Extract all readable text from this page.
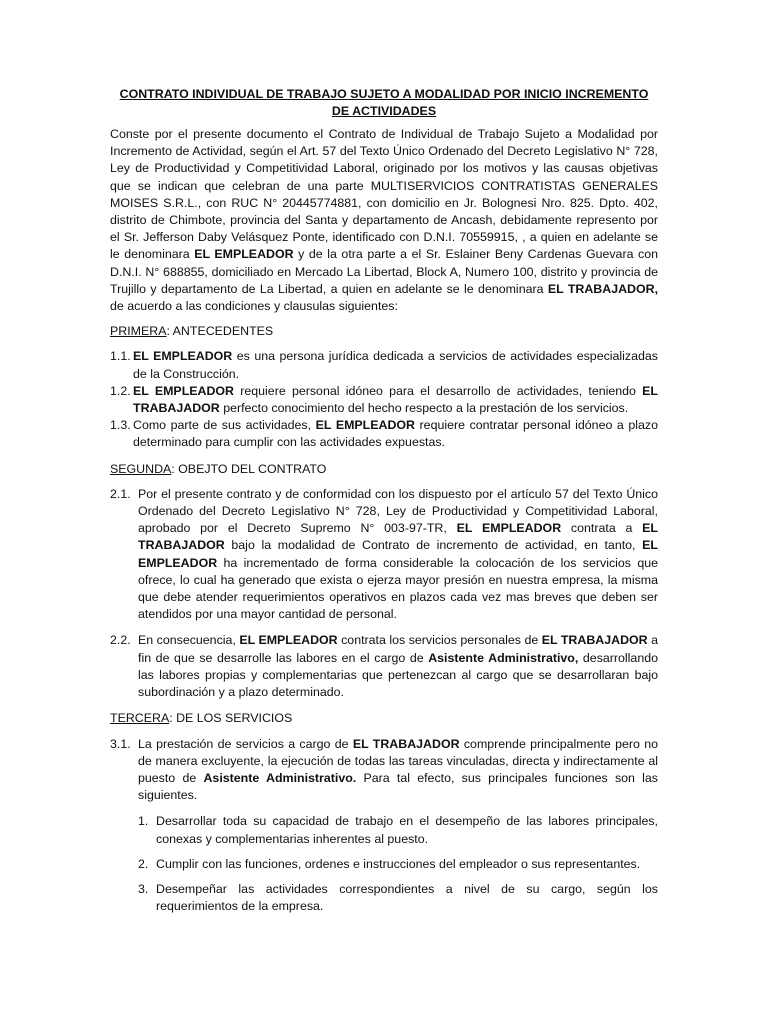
CONTRATO INDIVIDUAL DE TRABAJO SUJETO A MODALIDAD POR INICIO INCREMENTO DE ACTIVIDADES

Conste por el presente documento el Contrato de Individual de Trabajo Sujeto a Modalidad por Incremento de Actividad, según el Art. 57 del Texto Único Ordenado del Decreto Legislativo N° 728, Ley de Productividad y Competitividad Laboral, originado por los motivos y las causas objetivas que se indican que celebran de una parte MULTISERVICIOS CONTRATISTAS GENERALES MOISES S.R.L., con RUC N° 20445774881, con domicilio en Jr. Bolognesi Nro. 825. Dpto. 402, distrito de Chimbote, provincia del Santa y departamento de Ancash, debidamente represento por el Sr. Jefferson Daby Velásquez Ponte, identificado con D.N.I. 70559915, , a quien en adelante se le denominara EL EMPLEADOR y de la otra parte a el Sr. Eslainer Beny Cardenas Guevara con D.N.I. N° 688855, domiciliado en Mercado La Libertad, Block A, Numero 100, distrito y provincia de Trujillo y departamento de La Libertad, a quien en adelante se le denominara EL TRABAJADOR, de acuerdo a las condiciones y clausulas siguientes:

PRIMERA: ANTECEDENTES

1.1. EL EMPLEADOR es una persona jurídica dedicada a servicios de actividades especializadas de la Construcción.
1.2. EL EMPLEADOR requiere personal idóneo para el desarrollo de actividades, teniendo EL TRABAJADOR perfecto conocimiento del hecho respecto a la prestación de los servicios.
1.3. Como parte de sus actividades, EL EMPLEADOR requiere contratar personal idóneo a plazo determinado para cumplir con las actividades expuestas.

SEGUNDA: OBEJTO DEL CONTRATO

2.1. Por el presente contrato y de conformidad con los dispuesto por el artículo 57 del Texto Único Ordenado del Decreto Legislativo N° 728, Ley de Productividad y Competitividad Laboral, aprobado por el Decreto Supremo N° 003-97-TR, EL EMPLEADOR contrata a EL TRABAJADOR bajo la modalidad de Contrato de incremento de actividad, en tanto, EL EMPLEADOR ha incrementado de forma considerable la colocación de los servicios que ofrece, lo cual ha generado que exista o ejerza mayor presión en nuestra empresa, la misma que debe atender requerimientos operativos en plazos cada vez mas breves que deben ser atendidos por una mayor cantidad de personal.
2.2. En consecuencia, EL EMPLEADOR contrata los servicios personales de EL TRABAJADOR a fin de que se desarrolle las labores en el cargo de Asistente Administrativo, desarrollando las labores propias y complementarias que pertenezcan al cargo que se desarrollaran bajo subordinación y a plazo determinado.

TERCERA: DE LOS SERVICIOS

3.1. La prestación de servicios a cargo de EL TRABAJADOR comprende principalmente pero no de manera excluyente, la ejecución de todas las tareas vinculadas, directa y indirectamente al puesto de Asistente Administrativo. Para tal efecto, sus principales funciones son las siguientes.
1. Desarrollar toda su capacidad de trabajo en el desempeño de las labores principales, conexas y complementarias inherentes al puesto.
2. Cumplir con las funciones, ordenes e instrucciones del empleador o sus representantes.
3. Desempeñar las actividades correspondientes a nivel de su cargo, según los requerimientos de la empresa.
